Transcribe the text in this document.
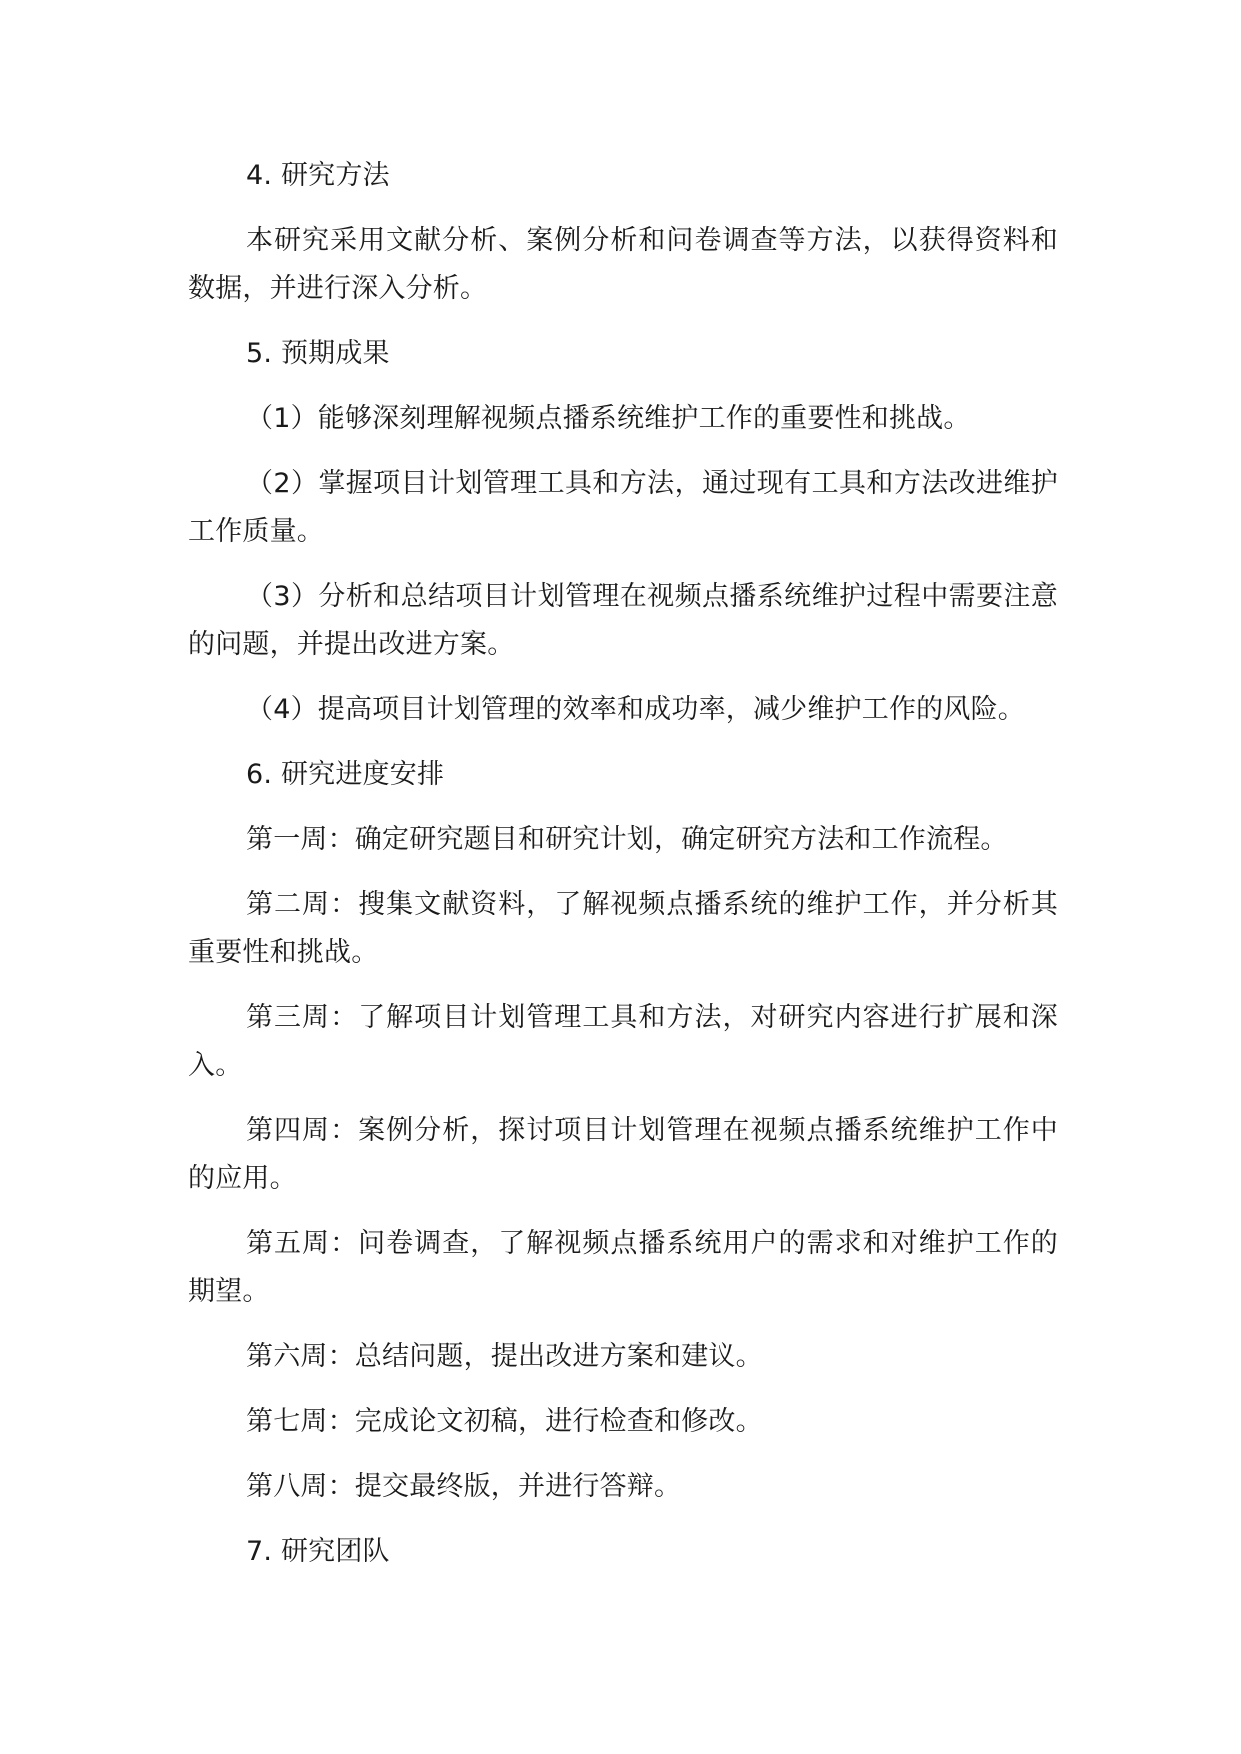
4. 研究方法

本研究采用文献分析、案例分析和问卷调查等方法，以获得资料和数据，并进行深入分析。

5. 预期成果

（1）能够深刻理解视频点播系统维护工作的重要性和挑战。

（2）掌握项目计划管理工具和方法，通过现有工具和方法改进维护工作质量。

（3）分析和总结项目计划管理在视频点播系统维护过程中需要注意的问题，并提出改进方案。

（4）提高项目计划管理的效率和成功率，减少维护工作的风险。

6. 研究进度安排

第一周：确定研究题目和研究计划，确定研究方法和工作流程。

第二周：搜集文献资料，了解视频点播系统的维护工作，并分析其重要性和挑战。

第三周：了解项目计划管理工具和方法，对研究内容进行扩展和深入。

第四周：案例分析，探讨项目计划管理在视频点播系统维护工作中的应用。

第五周：问卷调查，了解视频点播系统用户的需求和对维护工作的期望。

第六周：总结问题，提出改进方案和建议。

第七周：完成论文初稿，进行检查和修改。

第八周：提交最终版，并进行答辩。

7. 研究团队
